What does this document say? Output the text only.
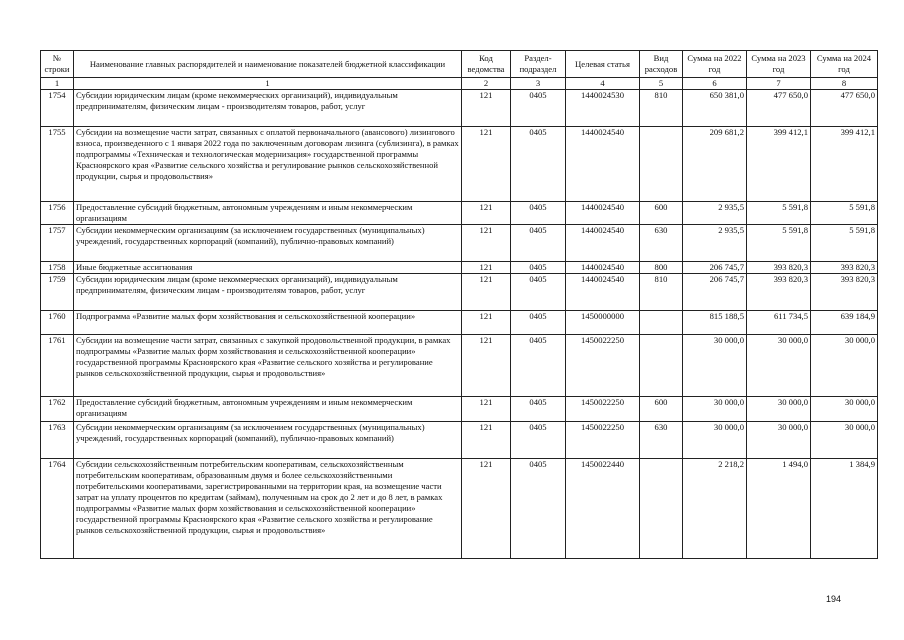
№ строки	Наименование главных распорядителей и наименование показателей бюджетной классификации	Код ведомства	Раздел-подраздел	Целевая статья	Вид расходов	Сумма на 2022 год	Сумма на 2023 год	Сумма на 2024 год
1	1	2	3	4	5	6	7	8
1754	Субсидии юридическим лицам (кроме некоммерческих организаций), индивидуальным предпринимателям, физическим лицам - производителям товаров, работ, услуг	121	0405	1440024530	810	650 381,0	477 650,0	477 650,0
1755	Субсидии на возмещение части затрат, связанных с оплатой первоначального (авансового) лизингового взноса, произведенного с 1 января 2022 года по заключенным договорам лизинга (сублизинга), в рамках подпрограммы «Техническая и технологическая модернизация» государственной программы Красноярского края «Развитие сельского хозяйства и регулирование рынков сельскохозяйственной продукции, сырья и продовольствия»	121	0405	1440024540		209 681,2	399 412,1	399 412,1
1756	Предоставление субсидий бюджетным, автономным учреждениям и иным некоммерческим организациям	121	0405	1440024540	600	2 935,5	5 591,8	5 591,8
1757	Субсидии некоммерческим организациям (за исключением государственных (муниципальных) учреждений, государственных корпораций (компаний), публично-правовых компаний)	121	0405	1440024540	630	2 935,5	5 591,8	5 591,8
1758	Иные бюджетные ассигнования	121	0405	1440024540	800	206 745,7	393 820,3	393 820,3
1759	Субсидии юридическим лицам (кроме некоммерческих организаций), индивидуальным предпринимателям, физическим лицам - производителям товаров, работ, услуг	121	0405	1440024540	810	206 745,7	393 820,3	393 820,3
1760	Подпрограмма «Развитие малых форм хозяйствования и сельскохозяйственной кооперации»	121	0405	1450000000		815 188,5	611 734,5	639 184,9
1761	Субсидии на возмещение части затрат, связанных с закупкой продовольственной продукции, в рамках подпрограммы «Развитие малых форм хозяйствования и сельскохозяйственной кооперации» государственной программы Красноярского края «Развитие сельского хозяйства и регулирование рынков сельскохозяйственной продукции, сырья и продовольствия»	121	0405	1450022250		30 000,0	30 000,0	30 000,0
1762	Предоставление субсидий бюджетным, автономным учреждениям и иным некоммерческим организациям	121	0405	1450022250	600	30 000,0	30 000,0	30 000,0
1763	Субсидии некоммерческим организациям (за исключением государственных (муниципальных) учреждений, государственных корпораций (компаний), публично-правовых компаний)	121	0405	1450022250	630	30 000,0	30 000,0	30 000,0
1764	Субсидии сельскохозяйственным потребительским кооперативам, сельскохозяйственным потребительским кооперативам, образованным двумя и более сельскохозяйственными потребительскими кооперативами, зарегистрированными на территории края, на возмещение части затрат на уплату процентов по кредитам (займам), полученным на срок до 2 лет и до 8 лет, в рамках подпрограммы «Развитие малых форм хозяйствования и сельскохозяйственной кооперации» государственной программы Красноярского края «Развитие сельского хозяйства и регулирование рынков сельскохозяйственной продукции, сырья и продовольствия»	121	0405	1450022440		2 218,2	1 494,0	1 384,9
194
